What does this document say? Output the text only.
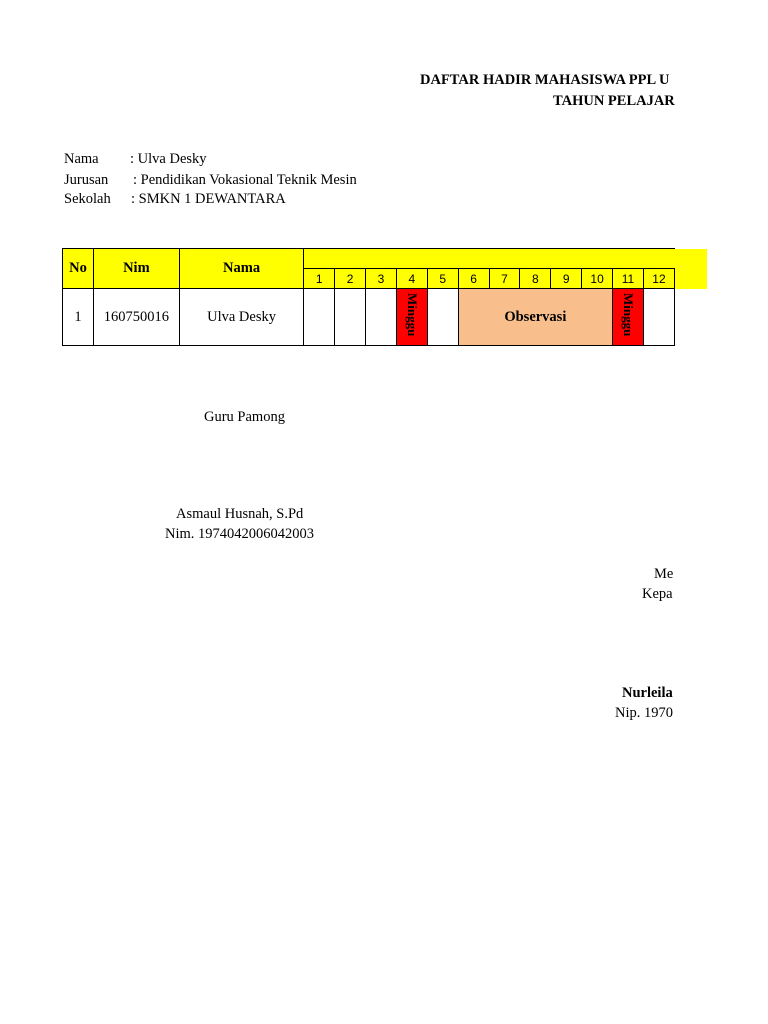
DAFTAR HADIR MAHASISWA PPL U
TAHUN PELAJAR
Nama : Ulva Desky
Jurusan : Pendidikan Vokasional Teknik Mesin
Sekolah : SMKN 1 DEWANTARA
No	Nim	Nama												
			1	2	3	4	5	6	7	8	9	10	11	12
1	160750016	Ulva Desky				Minggu		Observasi					Minggu	
Guru Pamong
Asmaul Husnah, S.Pd
Nim. 1974042006042003
Me
Kepa
Nurleila
Nip. 1970
